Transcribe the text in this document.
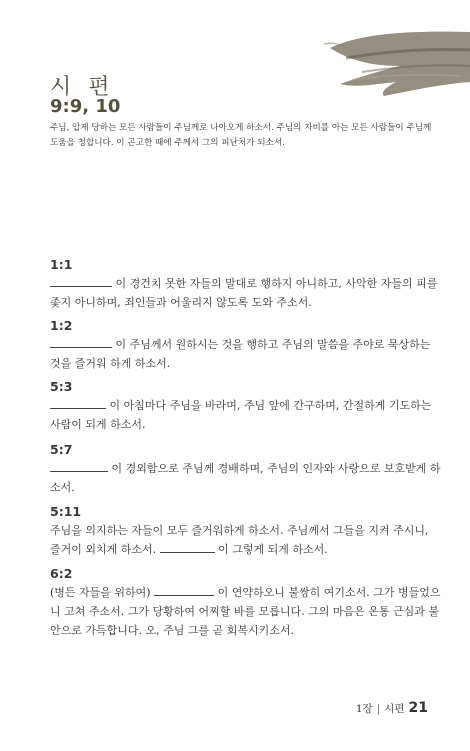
시 편
9:9, 10
주님, 압제 당하는 모든 사람들이 주님께로 나아오게 하소서. 주님의 자비를 아는 모든 사람들이 주님께 도움을 청합니다. 이 곤고한 때에 주께서 그의 피난처가 되소서.
1:1
이 경건치 못한 자들의 말대로 행하지 아니하고, 사악한 자들의 피를 좇지 아니하며, 죄인들과 어울리지 않도록 도와 주소서.
1:2
이 주님께서 원하시는 것을 행하고 주님의 말씀을 주야로 묵상하는 것을 즐거워 하게 하소서.
5:3
이 아침마다 주님을 바라며, 주님 앞에 간구하며, 간절하게 기도하는 사람이 되게 하소서.
5:7
이 경외함으로 주님께 경배하며, 주님의 인자와 사랑으로 보호받게 하소서.
5:11
주님을 의지하는 자들이 모두 즐거워하게 하소서. 주님께서 그들을 지켜 주시니, 즐거이 외치게 하소서.	이 그렇게 되게 하소서.
6:2
(병든 자들을 위하여)	이 연약하오니 불쌍히 여기소서. 그가 병들었으니 고쳐 주소서. 그가 당황하여 어찌할 바를 모릅니다. 그의 마음은 온통 근심과 불안으로 가득합니다. 오, 주님 그를 곧 회복시키소서.
1장 | 시편 21
